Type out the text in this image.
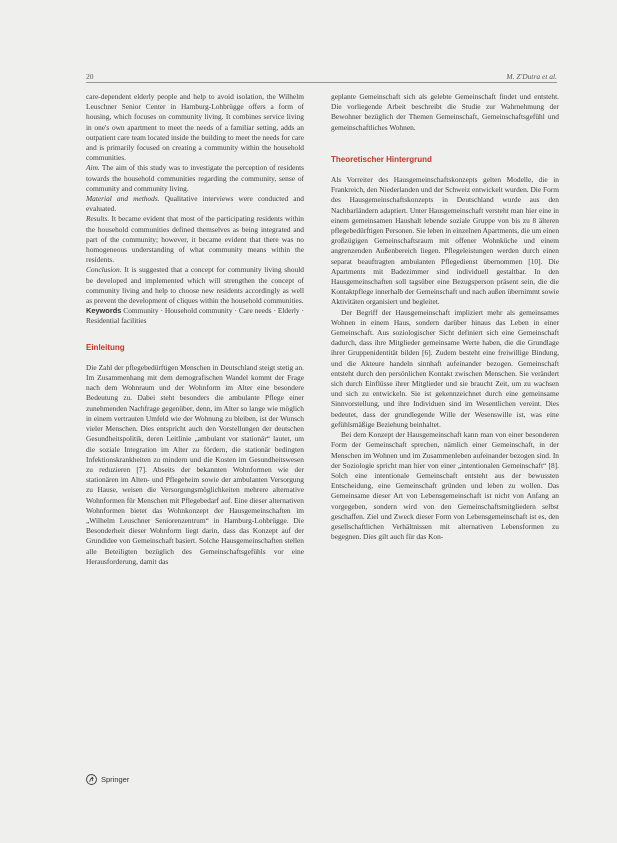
20	M. Z'Dutra et al.

care-dependent elderly people and help to avoid isolation, the Wilhelm Leuschner Senior Center in Hamburg-Lohbrügge offers a form of housing, which focuses on community living. It combines service living in one's own apartment to meet the needs of a familiar setting, adds an outpatient care team located inside the building to meet the needs for care and is primarily focused on creating a community within the household communities.

Aim. The aim of this study was to investigate the perception of residents towards the household communities regarding the community, sense of community and community living.

Material and methods. Qualitative interviews were conducted and evaluated.

Results. It became evident that most of the participating residents within the household communities defined themselves as being integrated and part of the community; however, it became evident that there was no homogeneous understanding of what community means within the residents.

Conclusion. It is suggested that a concept for community living should be developed and implemented which will strengthen the concept of community living and help to choose new residents accordingly as well as prevent the development of cliques within the household communities.

Keywords Community · Household community · Care needs · Elderly · Residential facilities

Einleitung

Die Zahl der pflegebedürftigen Menschen in Deutschland steigt stetig an. Im Zusammenhang mit dem demografischen Wandel kommt der Frage nach dem Wohnraum und der Wohnform im Alter eine besondere Bedeutung zu. Dabei steht besonders die ambulante Pflege einer zunehmenden Nachfrage gegenüber, denn, im Alter so lange wie möglich in einem vertrauten Umfeld wie der Wohnung zu bleiben, ist der Wunsch vieler Menschen. Dies entspricht auch den Vorstellungen der deutschen Gesundheitspolitik, deren Leitlinie „ambulant vor stationär“ lautet, um die soziale Integration im Alter zu fördern, die stationär bedingten Infektionskrankheiten zu mindern und die Kosten im Gesundheitswesen zu reduzieren [7]. Abseits der bekannten Wohnformen wie der stationären im Alten- und Pflegeheim sowie der ambulanten Versorgung zu Hause, weisen die Versorgungsmöglichkeiten mehrere alternative Wohnformen für Menschen mit Pflegebedarf auf. Eine dieser alternativen Wohnformen bietet das Wohnkonzept der Hausgemeinschaften im „Wilhelm Leuschner Seniorenzentrum“ in Hamburg-Lohbrügge. Die Besonderheit dieser Wohnform liegt darin, dass das Konzept auf der Grundidee von Gemeinschaft basiert. Solche Hausgemeinschaften stellen alle Beteiligten bezüglich des Gemeinschaftsgefühls vor eine Herausforderung, damit das

geplante Gemeinschaft sich als gelebte Gemeinschaft findet und entsteht. Die vorliegende Arbeit beschreibt die Studie zur Wahrnehmung der Bewohner bezüglich der Themen Gemeinschaft, Gemeinschaftsgefühl und gemeinschaftliches Wohnen.

Theoretischer Hintergrund

Als Vorreiter des Hausgemeinschaftskonzepts gelten Modelle, die in Frankreich, den Niederlanden und der Schweiz entwickelt wurden. Die Form des Hausgemeinschaftskonzepts in Deutschland wurde aus den Nachbarländern adaptiert. Unter Hausgemeinschaft versteht man hier eine in einem gemeinsamen Haushalt lebende soziale Gruppe von bis zu 8 älteren pflegebedürftigen Personen. Sie leben in einzelnen Apartments, die um einen großzügigen Gemeinschaftsraum mit offener Wohnküche und einem angrenzenden Außenbereich liegen. Pflegeleistungen werden durch einen separat beauftragten ambulanten Pflegedienst übernommen [10]. Die Apartments mit Badezimmer sind individuell gestaltbar. In den Hausgemeinschaften soll tagsüber eine Bezugsperson präsent sein, die die Kontaktpflege innerhalb der Gemeinschaft und nach außen übernimmt sowie Aktivitäten organisiert und begleitet.

Der Begriff der Hausgemeinschaft impliziert mehr als gemeinsames Wohnen in einem Haus, sondern darüber hinaus das Leben in einer Gemeinschaft. Aus soziologischer Sicht definiert sich eine Gemeinschaft dadurch, dass ihre Mitglieder gemeinsame Werte haben, die die Grundlage ihrer Gruppenidentität bilden [6]. Zudem besteht eine freiwillige Bindung, und die Akteure handeln sinnhaft aufeinander bezogen. Gemeinschaft entsteht durch den persönlichen Kontakt zwischen Menschen. Sie verändert sich durch Einflüsse ihrer Mitglieder und sie braucht Zeit, um zu wachsen und sich zu entwickeln. Sie ist gekennzeichnet durch eine gemeinsame Sinnvorstellung, und ihre Individuen sind im Wesentlichen vereint. Dies bedeutet, dass der grundlegende Wille der Wesenswille ist, was eine gefühlsmäßige Beziehung beinhaltet.

Bei dem Konzept der Hausgemeinschaft kann man von einer besonderen Form der Gemeinschaft sprechen, nämlich einer Gemeinschaft, in der Menschen im Wohnen und im Zusammenleben aufeinander bezogen sind. In der Soziologie spricht man hier von einer „intentionalen Gemeinschaft“ [8]. Solch eine intentionale Gemeinschaft entsteht aus der bewussten Entscheidung, eine Gemeinschaft gründen und leben zu wollen. Das Gemeinsame dieser Art von Lebensgemeinschaft ist nicht von Anfang an vorgegeben, sondern wird von den Gemeinschaftsmitgliedern selbst geschaffen. Ziel und Zweck dieser Form von Lebensgemeinschaft ist es, den gesellschaftlichen Verhältnissen mit alternativen Lebensformen zu begegnen. Dies gilt auch für das Kon-

Springer
